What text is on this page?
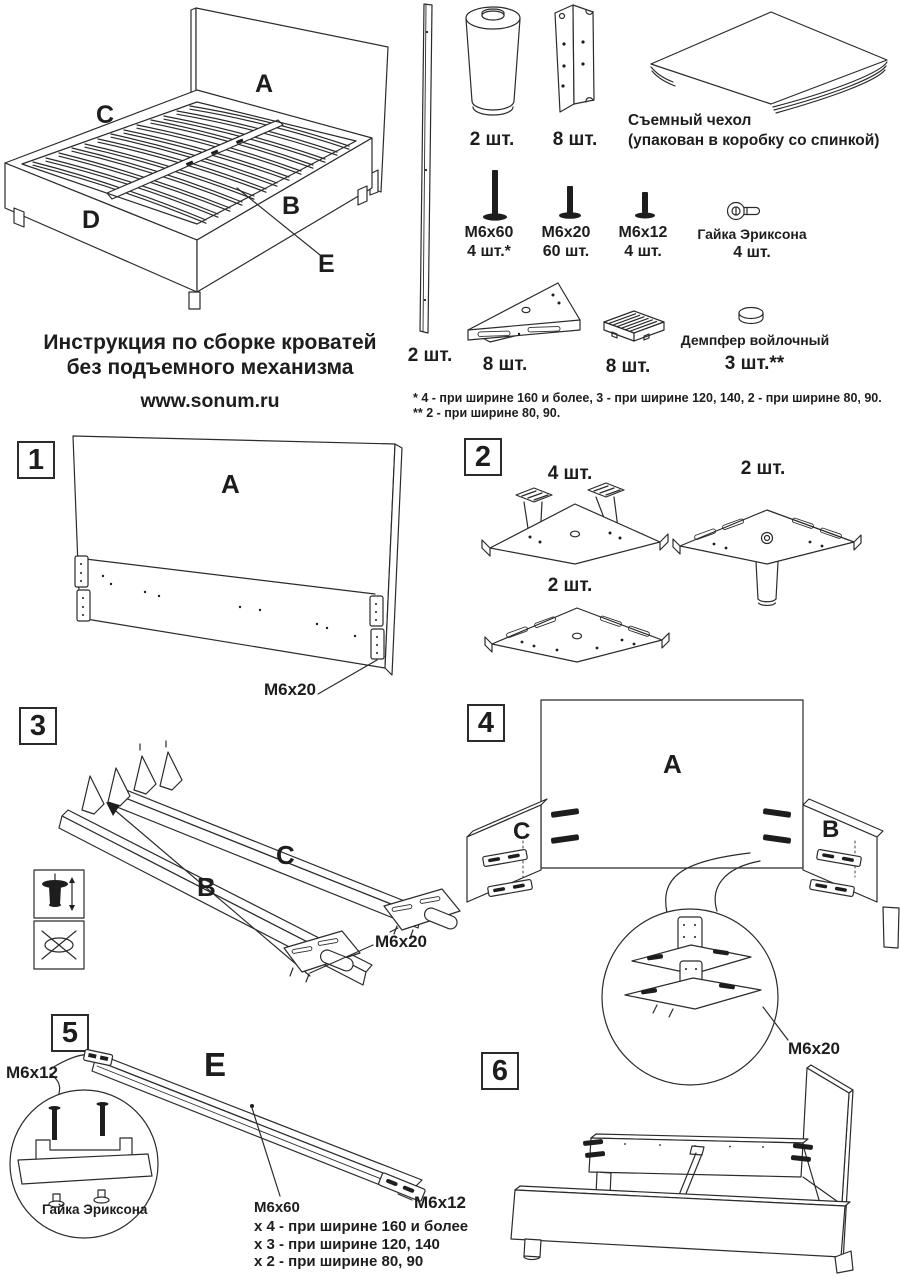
A
C
B
D
E
Инструкция по сборке кроватей
без подъемного механизма
www.sonum.ru
2 шт.
2 шт.	8 шт.
Съемный чехол
(упакован в коробку со спинкой)
M6x60
4 шт.*
M6x20
60 шт.
M6x12
4 шт.
Гайка Эриксона
4 шт.
8 шт.	8 шт.
Демпфер войлочный
3 шт.**
* 4 - при ширине 160 и более, 3 - при ширине 120, 140, 2 - при ширине 80, 90.
** 2 - при ширине 80, 90.
1
A
M6x20
2
4 шт.	2 шт.
2 шт.
3
C
B
M6x20
4
A
C	B
M6x20
5
M6x12	E
Гайка Эриксона	M6x60
x 4 - при ширине 160 и более
x 3 - при ширине 120, 140
x 2 - при ширине 80, 90
M6x12
6
